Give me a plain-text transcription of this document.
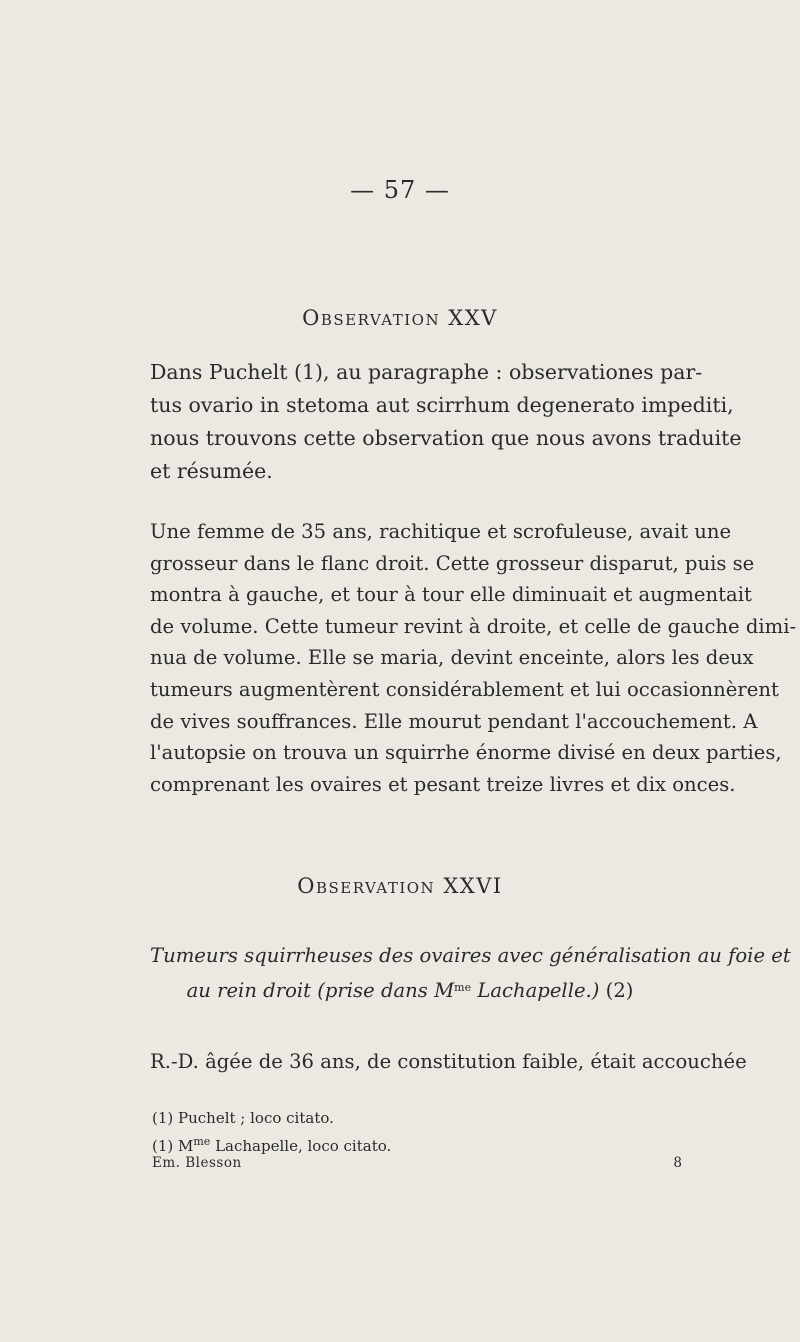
— 57 —
Observation XXV

Dans Puchelt (1), au paragraphe : observationes par-
tus ovario in stetoma aut scirrhum degenerato impediti,
nous trouvons cette observation que nous avons traduite
et résumée.

Une femme de 35 ans, rachitique et scrofuleuse, avait une
grosseur dans le flanc droit. Cette grosseur disparut, puis se
montra à gauche, et tour à tour elle diminuait et augmentait
de volume. Cette tumeur revint à droite, et celle de gauche dimi-
nua de volume. Elle se maria, devint enceinte, alors les deux
tumeurs augmentèrent considérablement et lui occasionnèrent
de vives souffrances. Elle mourut pendant l'accouchement. A
l'autopsie on trouva un squirrhe énorme divisé en deux parties,
comprenant les ovaires et pesant treize livres et dix onces.

Observation XXVI
Tumeurs squirrheuses des ovaires avec généralisation au foie et
au rein droit (prise dans $M^{me}$ Lachapelle.) (2)
R.-D. âgée de 36 ans, de constitution faible, était accouchée
(1) Puchelt ; loco citato.
(1) $M^{me}$ Lachapelle, loco citato.
Em. Blesson	8
